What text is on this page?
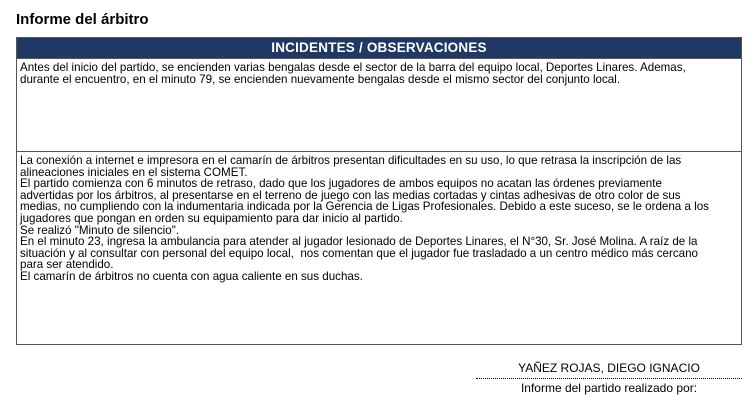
Informe del árbitro
INCIDENTES / OBSERVACIONES

Antes del inicio del partido, se encienden varias bengalas desde el sector de la barra del equipo local, Deportes Linares. Ademas,
durante el encuentro, en el minuto 79, se encienden nuevamente bengalas desde el mismo sector del conjunto local.

La conexión a internet e impresora en el camarín de árbitros presentan dificultades en su uso, lo que retrasa la inscripción de las
alineaciones iniciales en el sistema COMET.
El partido comienza con 6 minutos de retraso, dado que los jugadores de ambos equipos no acatan las órdenes previamente
advertidas por los árbitros, al presentarse en el terreno de juego con las medias cortadas y cintas adhesivas de otro color de sus
medias, no cumpliendo con la indumentaria indicada por la Gerencia de Ligas Profesionales. Debido a este suceso, se le ordena a los
jugadores que pongan en orden su equipamiento para dar inicio al partido.
Se realizó "Minuto de silencio".
En el minuto 23, ingresa la ambulancia para atender al jugador lesionado de Deportes Linares, el N°30, Sr. José Molina. A raíz de la
situación y al consultar con personal del equipo local,  nos comentan que el jugador fue trasladado a un centro médico más cercano
para ser atendido.
El camarín de árbitros no cuenta con agua caliente en sus duchas.

YAÑEZ ROJAS, DIEGO IGNACIO
Informe del partido realizado por:
